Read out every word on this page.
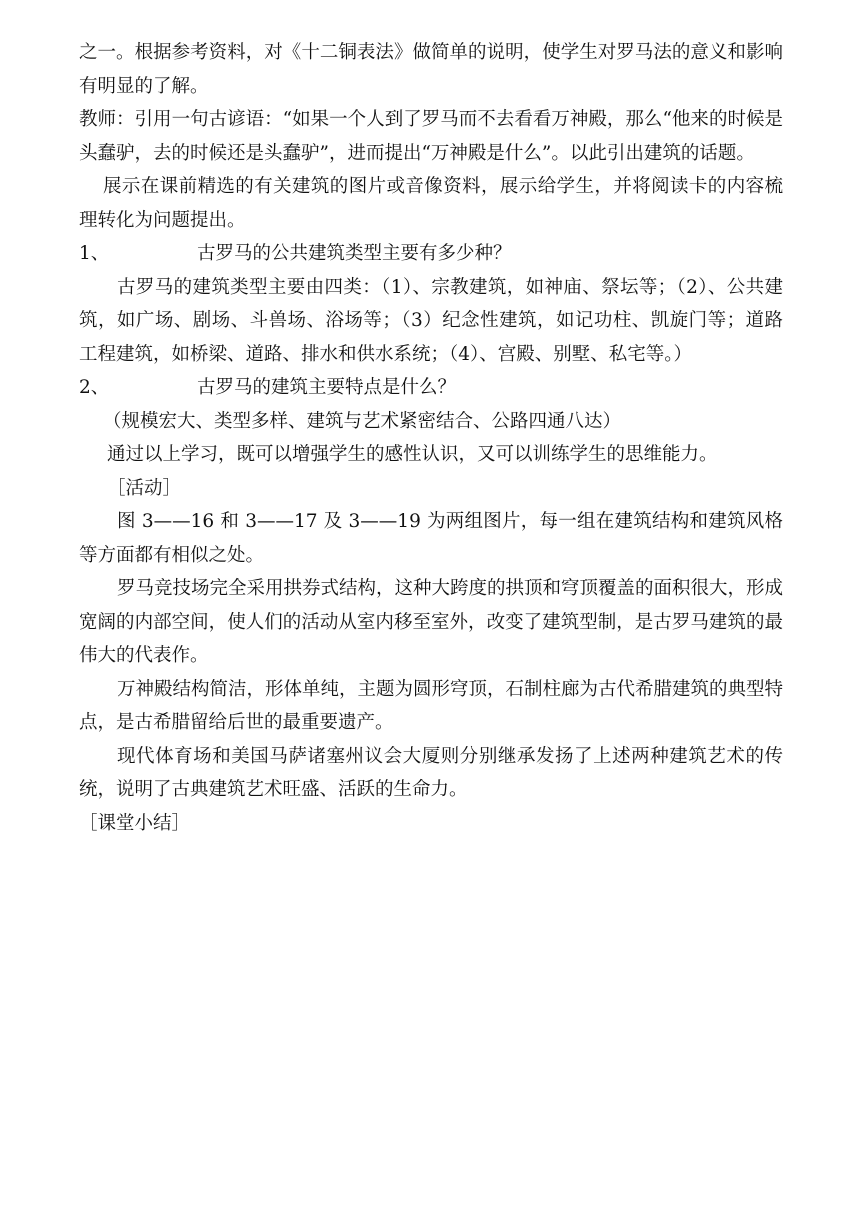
之一。根据参考资料，对《十二铜表法》做简单的说明，使学生对罗马法的意义和影响有明显的了解。

教师：引用一句古谚语：“如果一个人到了罗马而不去看看万神殿，那么“他来的时候是头蠢驴，去的时候还是头蠢驴”，进而提出“万神殿是什么”。以此引出建筑的话题。

展示在课前精选的有关建筑的图片或音像资料，展示给学生，并将阅读卡的内容梳理转化为问题提出。

1、	古罗马的公共建筑类型主要有多少种？

古罗马的建筑类型主要由四类：（1）、宗教建筑，如神庙、祭坛等；（2）、公共建筑，如广场、剧场、斗兽场、浴场等；（3）纪念性建筑，如记功柱、凯旋门等；道路工程建筑，如桥梁、道路、排水和供水系统；（4）、宫殿、别墅、私宅等。）

2、	古罗马的建筑主要特点是什么？

（规模宏大、类型多样、建筑与艺术紧密结合、公路四通八达）

通过以上学习，既可以增强学生的感性认识，又可以训练学生的思维能力。

［活动］

图 3——16 和 3——17 及 3——19 为两组图片，每一组在建筑结构和建筑风格等方面都有相似之处。

罗马竞技场完全采用拱券式结构，这种大跨度的拱顶和穹顶覆盖的面积很大，形成宽阔的内部空间，使人们的活动从室内移至室外，改变了建筑型制，是古罗马建筑的最伟大的代表作。

万神殿结构简洁，形体单纯，主题为圆形穹顶，石制柱廊为古代希腊建筑的典型特点，是古希腊留给后世的最重要遗产。

现代体育场和美国马萨诸塞州议会大厦则分别继承发扬了上述两种建筑艺术的传统，说明了古典建筑艺术旺盛、活跃的生命力。

［课堂小结］
